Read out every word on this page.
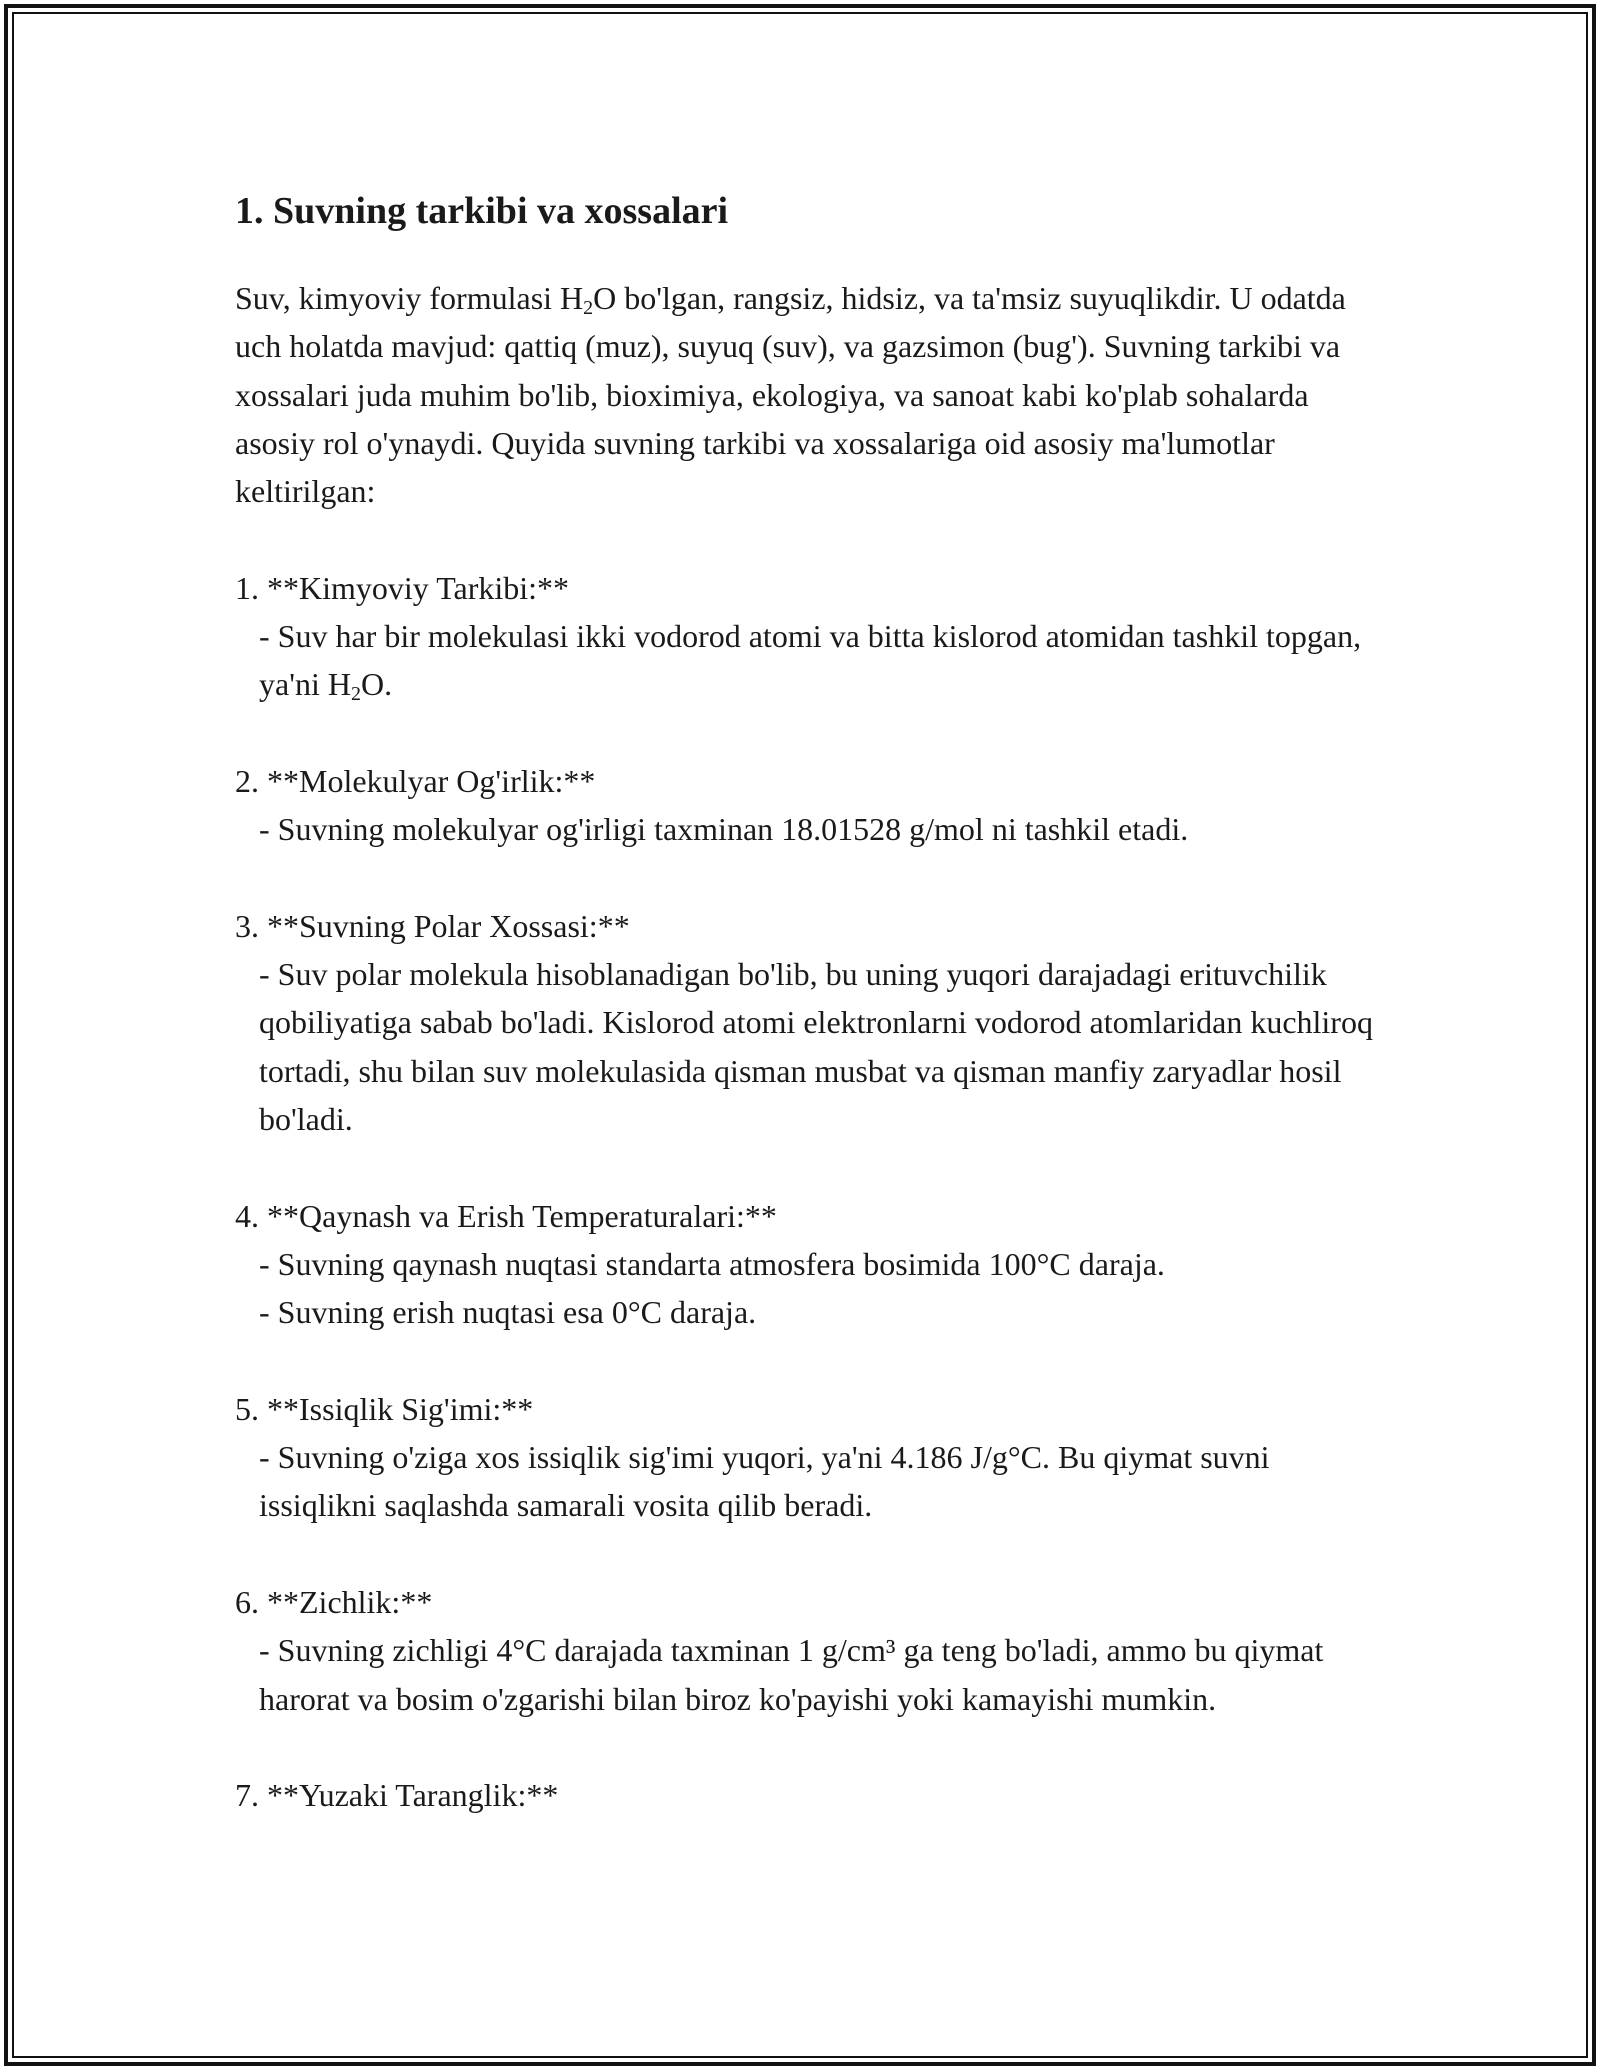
1. Suvning tarkibi va xossalari

Suv, kimyoviy formulasi $H_2O$ bo'lgan, rangsiz, hidsiz, va ta'msiz suyuqlikdir. U odatda uch holatda mavjud: qattiq (muz), suyuq (suv), va gazsimon (bug'). Suvning tarkibi va xossalari juda muhim bo'lib, bioximiya, ekologiya, va sanoat kabi ko'plab sohalarda asosiy rol o'ynaydi. Quyida suvning tarkibi va xossalariga oid asosiy ma'lumotlar keltirilgan:

1. **Kimyoviy Tarkibi:**

- Suv har bir molekulasi ikki vodorod atomi va bitta kislorod atomidan tashkil topgan, ya'ni $H_2O$.

2. **Molekulyar Og'irlik:**

- Suvning molekulyar og'irligi taxminan 18.01528 g/mol ni tashkil etadi.

3. **Suvning Polar Xossasi:**

- Suv polar molekula hisoblanadigan bo'lib, bu uning yuqori darajadagi erituvchilik qobiliyatiga sabab bo'ladi. Kislorod atomi elektronlarni vodorod atomlaridan kuchliroq tortadi, shu bilan suv molekulasida qisman musbat va qisman manfiy zaryadlar hosil bo'ladi.

4. **Qaynash va Erish Temperaturalari:**

- Suvning qaynash nuqtasi standarta atmosfera bosimida 100°C daraja.

- Suvning erish nuqtasi esa 0°C daraja.

5. **Issiqlik Sig'imi:**

- Suvning o'ziga xos issiqlik sig'imi yuqori, ya'ni 4.186 J/g°C. Bu qiymat suvni issiqlikni saqlashda samarali vosita qilib beradi.

6. **Zichlik:**

- Suvning zichligi 4°C darajada taxminan 1 g/cm³ ga teng bo'ladi, ammo bu qiymat harorat va bosim o'zgarishi bilan biroz ko'payishi yoki kamayishi mumkin.

7. **Yuzaki Taranglik:**
